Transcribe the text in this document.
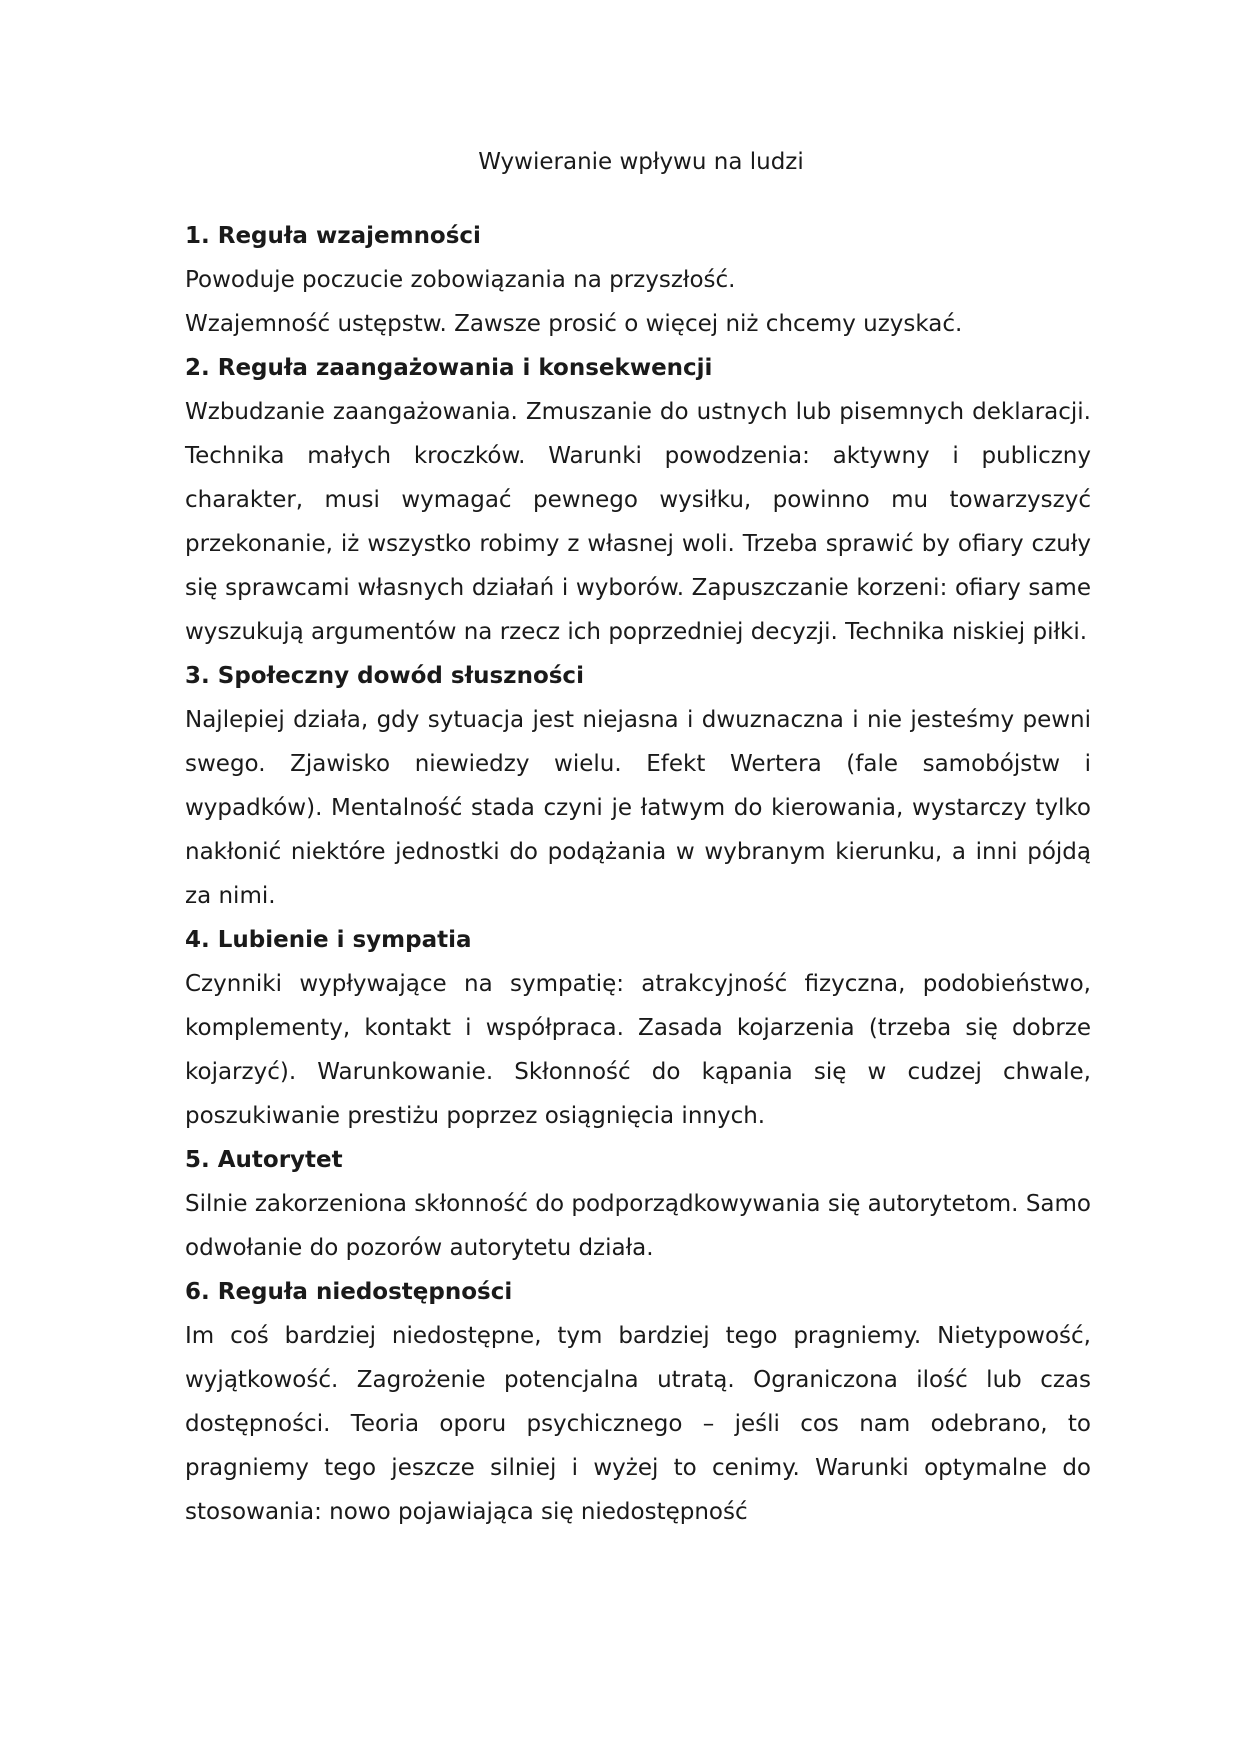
Wywieranie wpływu na ludzi

1. Reguła wzajemności

Powoduje poczucie zobowiązania na przyszłość.

Wzajemność ustępstw. Zawsze prosić o więcej niż chcemy uzyskać.

2. Reguła zaangażowania i konsekwencji

Wzbudzanie zaangażowania. Zmuszanie do ustnych lub pisemnych deklaracji. Technika małych kroczków. Warunki powodzenia: aktywny i publiczny charakter, musi wymagać pewnego wysiłku, powinno mu towarzyszyć przekonanie, iż wszystko robimy z własnej woli. Trzeba sprawić by ofiary czuły się sprawcami własnych działań i wyborów. Zapuszczanie korzeni: ofiary same wyszukują argumentów na rzecz ich poprzedniej decyzji. Technika niskiej piłki.

3. Społeczny dowód słuszności

Najlepiej działa, gdy sytuacja jest niejasna i dwuznaczna i nie jesteśmy pewni swego. Zjawisko niewiedzy wielu. Efekt Wertera (fale samobójstw i wypadków). Mentalność stada czyni je łatwym do kierowania, wystarczy tylko nakłonić niektóre jednostki do podążania w wybranym kierunku, a inni pójdą za nimi.

4. Lubienie i sympatia

Czynniki wypływające na sympatię: atrakcyjność fizyczna, podobieństwo, komplementy, kontakt i współpraca. Zasada kojarzenia (trzeba się dobrze kojarzyć). Warunkowanie. Skłonność do kąpania się w cudzej chwale, poszukiwanie prestiżu poprzez osiągnięcia innych.

5. Autorytet

Silnie zakorzeniona skłonność do podporządkowywania się autorytetom. Samo odwołanie do pozorów autorytetu działa.

6. Reguła niedostępności

Im coś bardziej niedostępne, tym bardziej tego pragniemy. Nietypowość, wyjątkowość. Zagrożenie potencjalna utratą. Ograniczona ilość lub czas dostępności. Teoria oporu psychicznego – jeśli cos nam odebrano, to pragniemy tego jeszcze silniej i wyżej to cenimy. Warunki optymalne do stosowania: nowo pojawiająca się niedostępność
